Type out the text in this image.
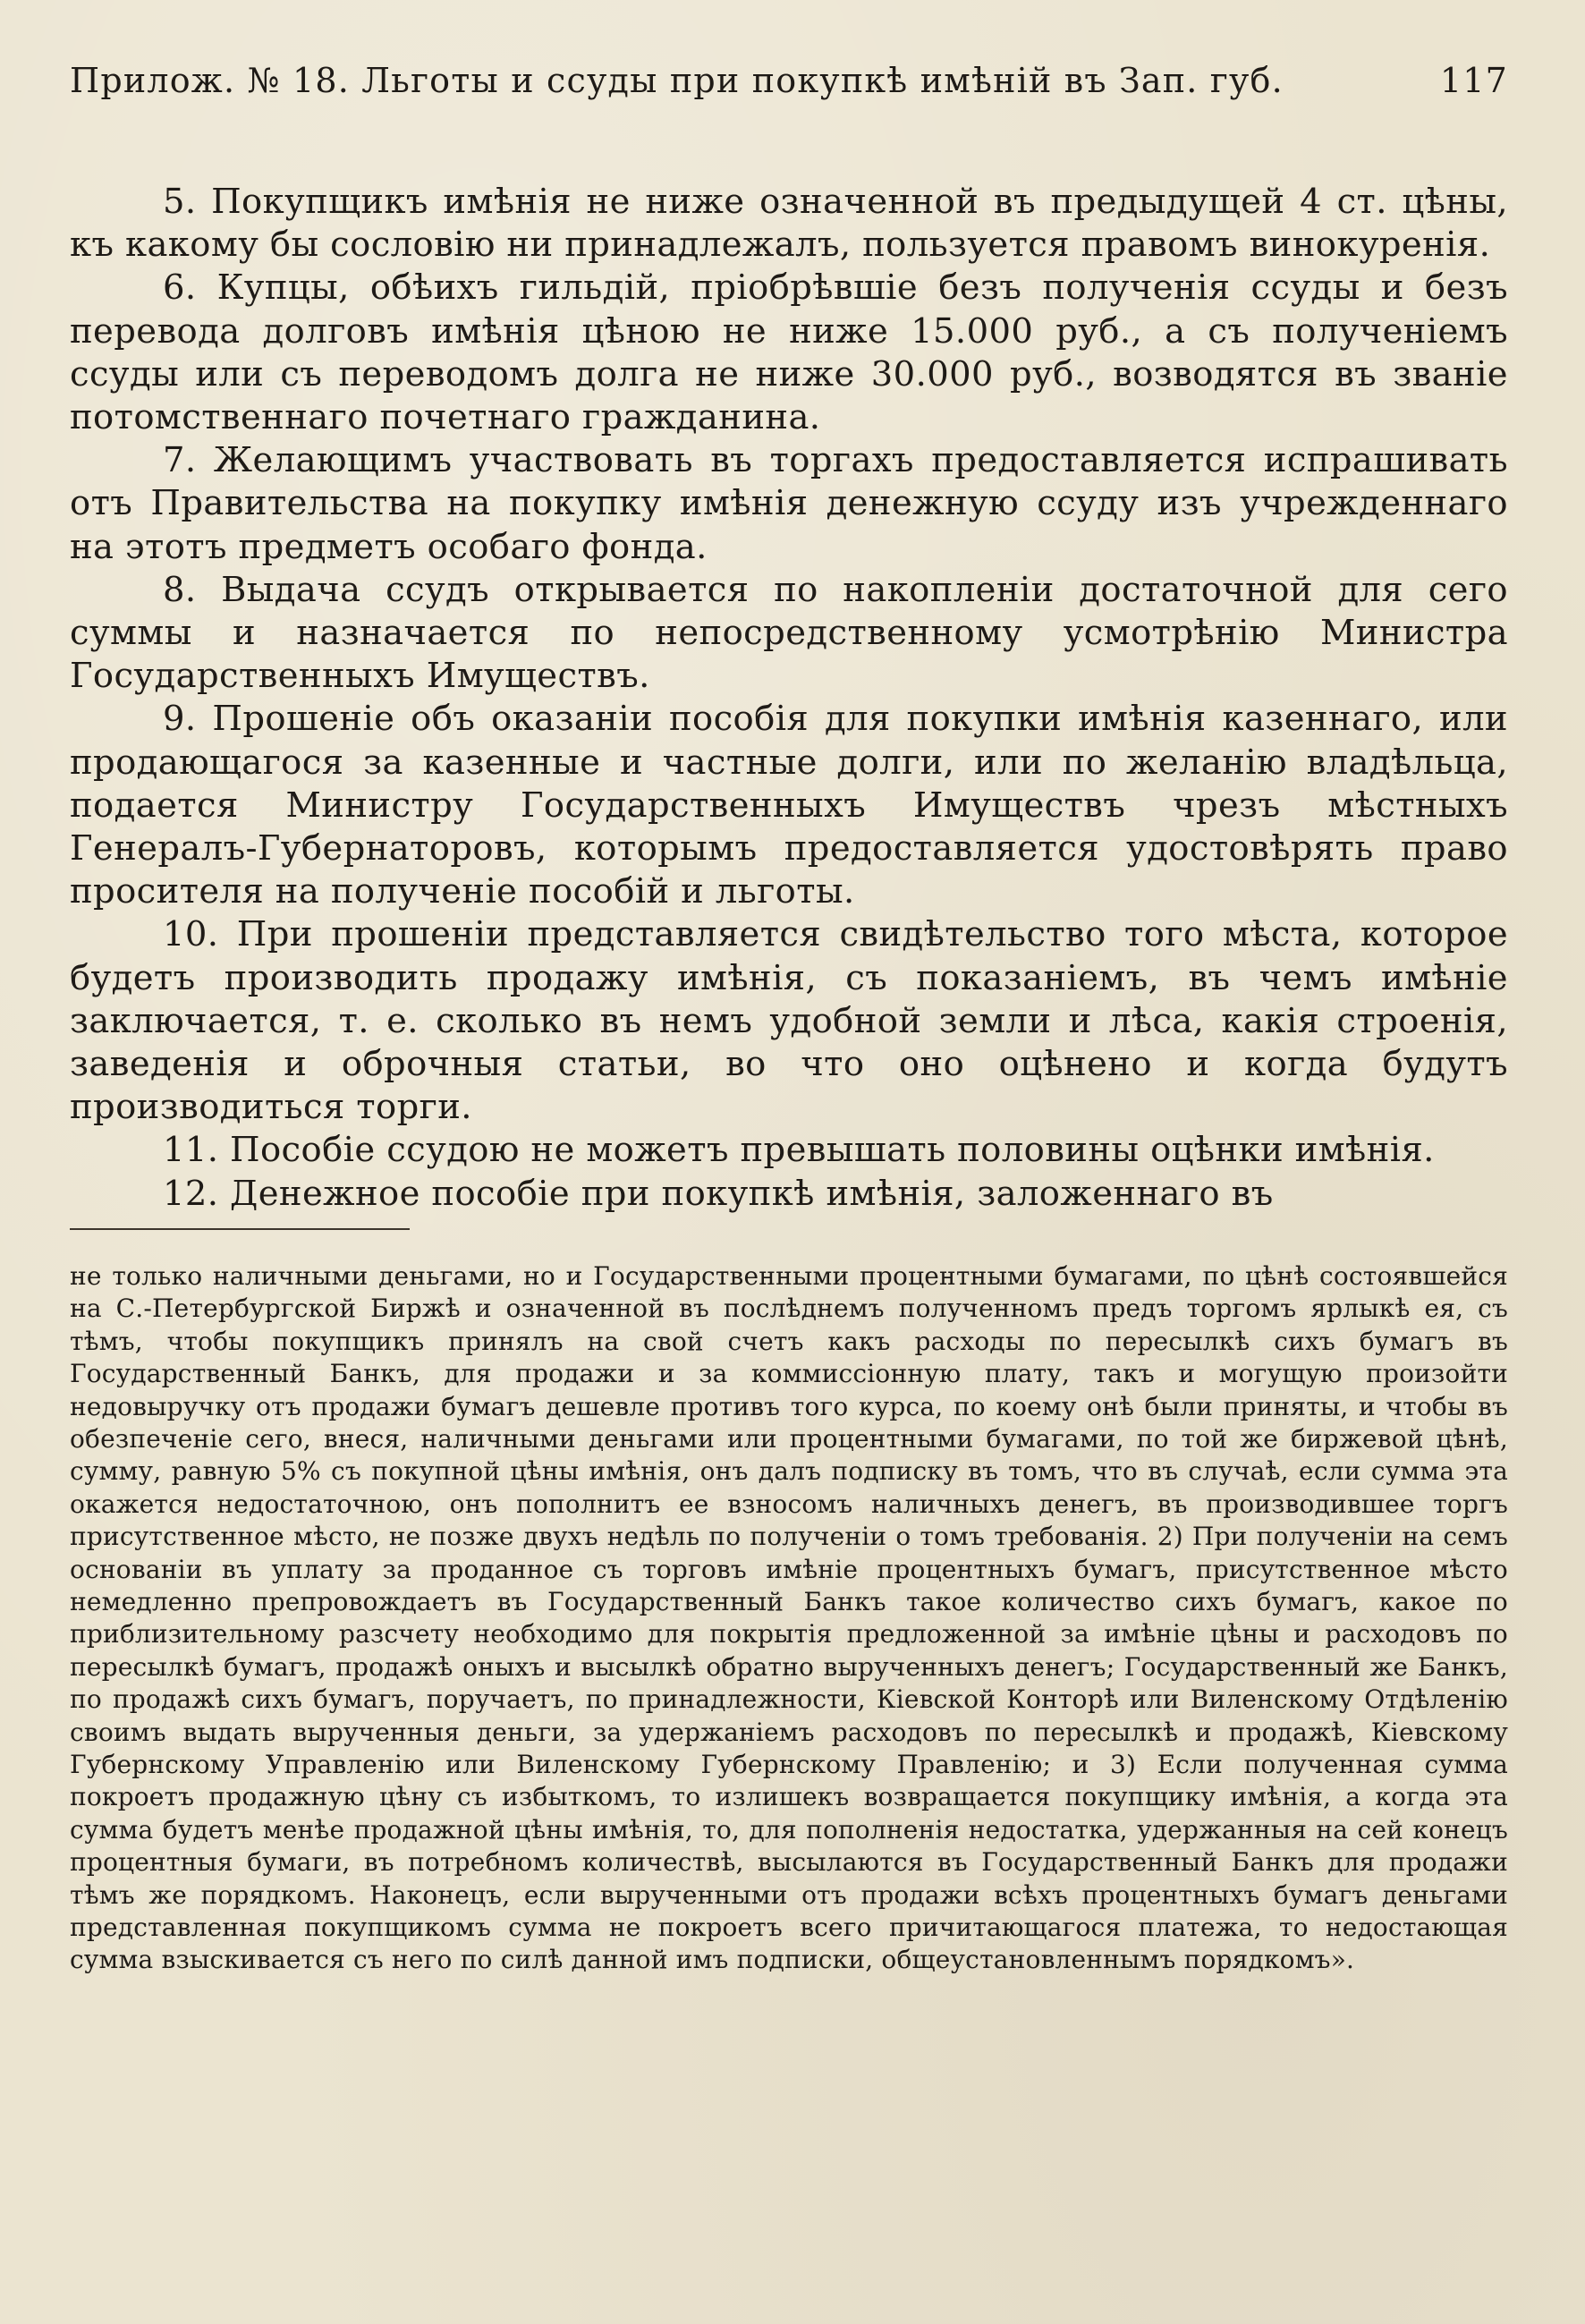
Прилож. № 18. Льготы и ссуды при покупкѣ имѣній въ Зап. губ.	117

5. Покупщикъ имѣнія не ниже означенной въ предыдущей 4 ст. цѣны, къ какому бы сословію ни принадлежалъ, пользуется правомъ винокуренія.

6. Купцы, обѣихъ гильдій, пріобрѣвшіе безъ полученія ссуды и безъ перевода долговъ имѣнія цѣною не ниже 15.000 руб., а съ полученіемъ ссуды или съ переводомъ долга не ниже 30.000 руб., возводятся въ званіе потомственнаго почетнаго гражданина.

7. Желающимъ участвовать въ торгахъ предоставляется испрашивать отъ Правительства на покупку имѣнія денежную ссуду изъ учрежденнаго на этотъ предметъ особаго фонда.

8. Выдача ссудъ открывается по накопленіи достаточной для сего суммы и назначается по непосредственному усмотрѣнію Министра Государственныхъ Имуществъ.

9. Прошеніе объ оказаніи пособія для покупки имѣнія казеннаго, или продающагося за казенные и частные долги, или по желанію владѣльца, подается Министру Государственныхъ Имуществъ чрезъ мѣстныхъ Генералъ-Губернаторовъ, которымъ предоставляется удостовѣрять право просителя на полученіе пособій и льготы.

10. При прошеніи представляется свидѣтельство того мѣста, которое будетъ производить продажу имѣнія, съ показаніемъ, въ чемъ имѣніе заключается, т. е. сколько въ немъ удобной земли и лѣса, какія строенія, заведенія и оброчныя статьи, во что оно оцѣнено и когда будутъ производиться торги.

11. Пособіе ссудою не можетъ превышать половины оцѣнки имѣнія.

12. Денежное пособіе при покупкѣ имѣнія, заложеннаго въ

не только наличными деньгами, но и Государственными процентными бумагами, по цѣнѣ состоявшейся на С.-Петербургской Биржѣ и означенной въ послѣднемъ полученномъ предъ торгомъ ярлыкѣ ея, съ тѣмъ, чтобы покупщикъ принялъ на свой счетъ какъ расходы по пересылкѣ сихъ бумагъ въ Государственный Банкъ, для продажи и за коммиссіонную плату, такъ и могущую произойти недовыручку отъ продажи бумагъ дешевле противъ того курса, по коему онѣ были приняты, и чтобы въ обезпеченіе сего, внеся, наличными деньгами или процентными бумагами, по той же биржевой цѣнѣ, сумму, равную 5% съ покупной цѣны имѣнія, онъ далъ подписку въ томъ, что въ случаѣ, если сумма эта окажется недостаточною, онъ пополнитъ ее взносомъ наличныхъ денегъ, въ производившее торгъ присутственное мѣсто, не позже двухъ недѣль по полученіи о томъ требованія. 2) При полученіи на семъ основаніи въ уплату за проданное съ торговъ имѣніе процентныхъ бумагъ, присутственное мѣсто немедленно препровождаетъ въ Государственный Банкъ такое количество сихъ бумагъ, какое по приблизительному разсчету необходимо для покрытія предложенной за имѣніе цѣны и расходовъ по пересылкѣ бумагъ, продажѣ оныхъ и высылкѣ обратно вырученныхъ денегъ; Государственный же Банкъ, по продажѣ сихъ бумагъ, поручаетъ, по принадлежности, Кіевской Конторѣ или Виленскому Отдѣленію своимъ выдать вырученныя деньги, за удержаніемъ расходовъ по пересылкѣ и продажѣ, Кіевскому Губернскому Управленію или Виленскому Губернскому Правленію; и 3) Если полученная сумма покроетъ продажную цѣну съ избыткомъ, то излишекъ возвращается покупщику имѣнія, а когда эта сумма будетъ менѣе продажной цѣны имѣнія, то, для пополненія недостатка, удержанныя на сей конецъ процентныя бумаги, въ потребномъ количествѣ, высылаются въ Государственный Банкъ для продажи тѣмъ же порядкомъ. Наконецъ, если вырученными отъ продажи всѣхъ процентныхъ бумагъ деньгами представленная покупщикомъ сумма не покроетъ всего причитающагося платежа, то недостающая сумма взыскивается съ него по силѣ данной имъ подписки, общеустановленнымъ порядкомъ».
